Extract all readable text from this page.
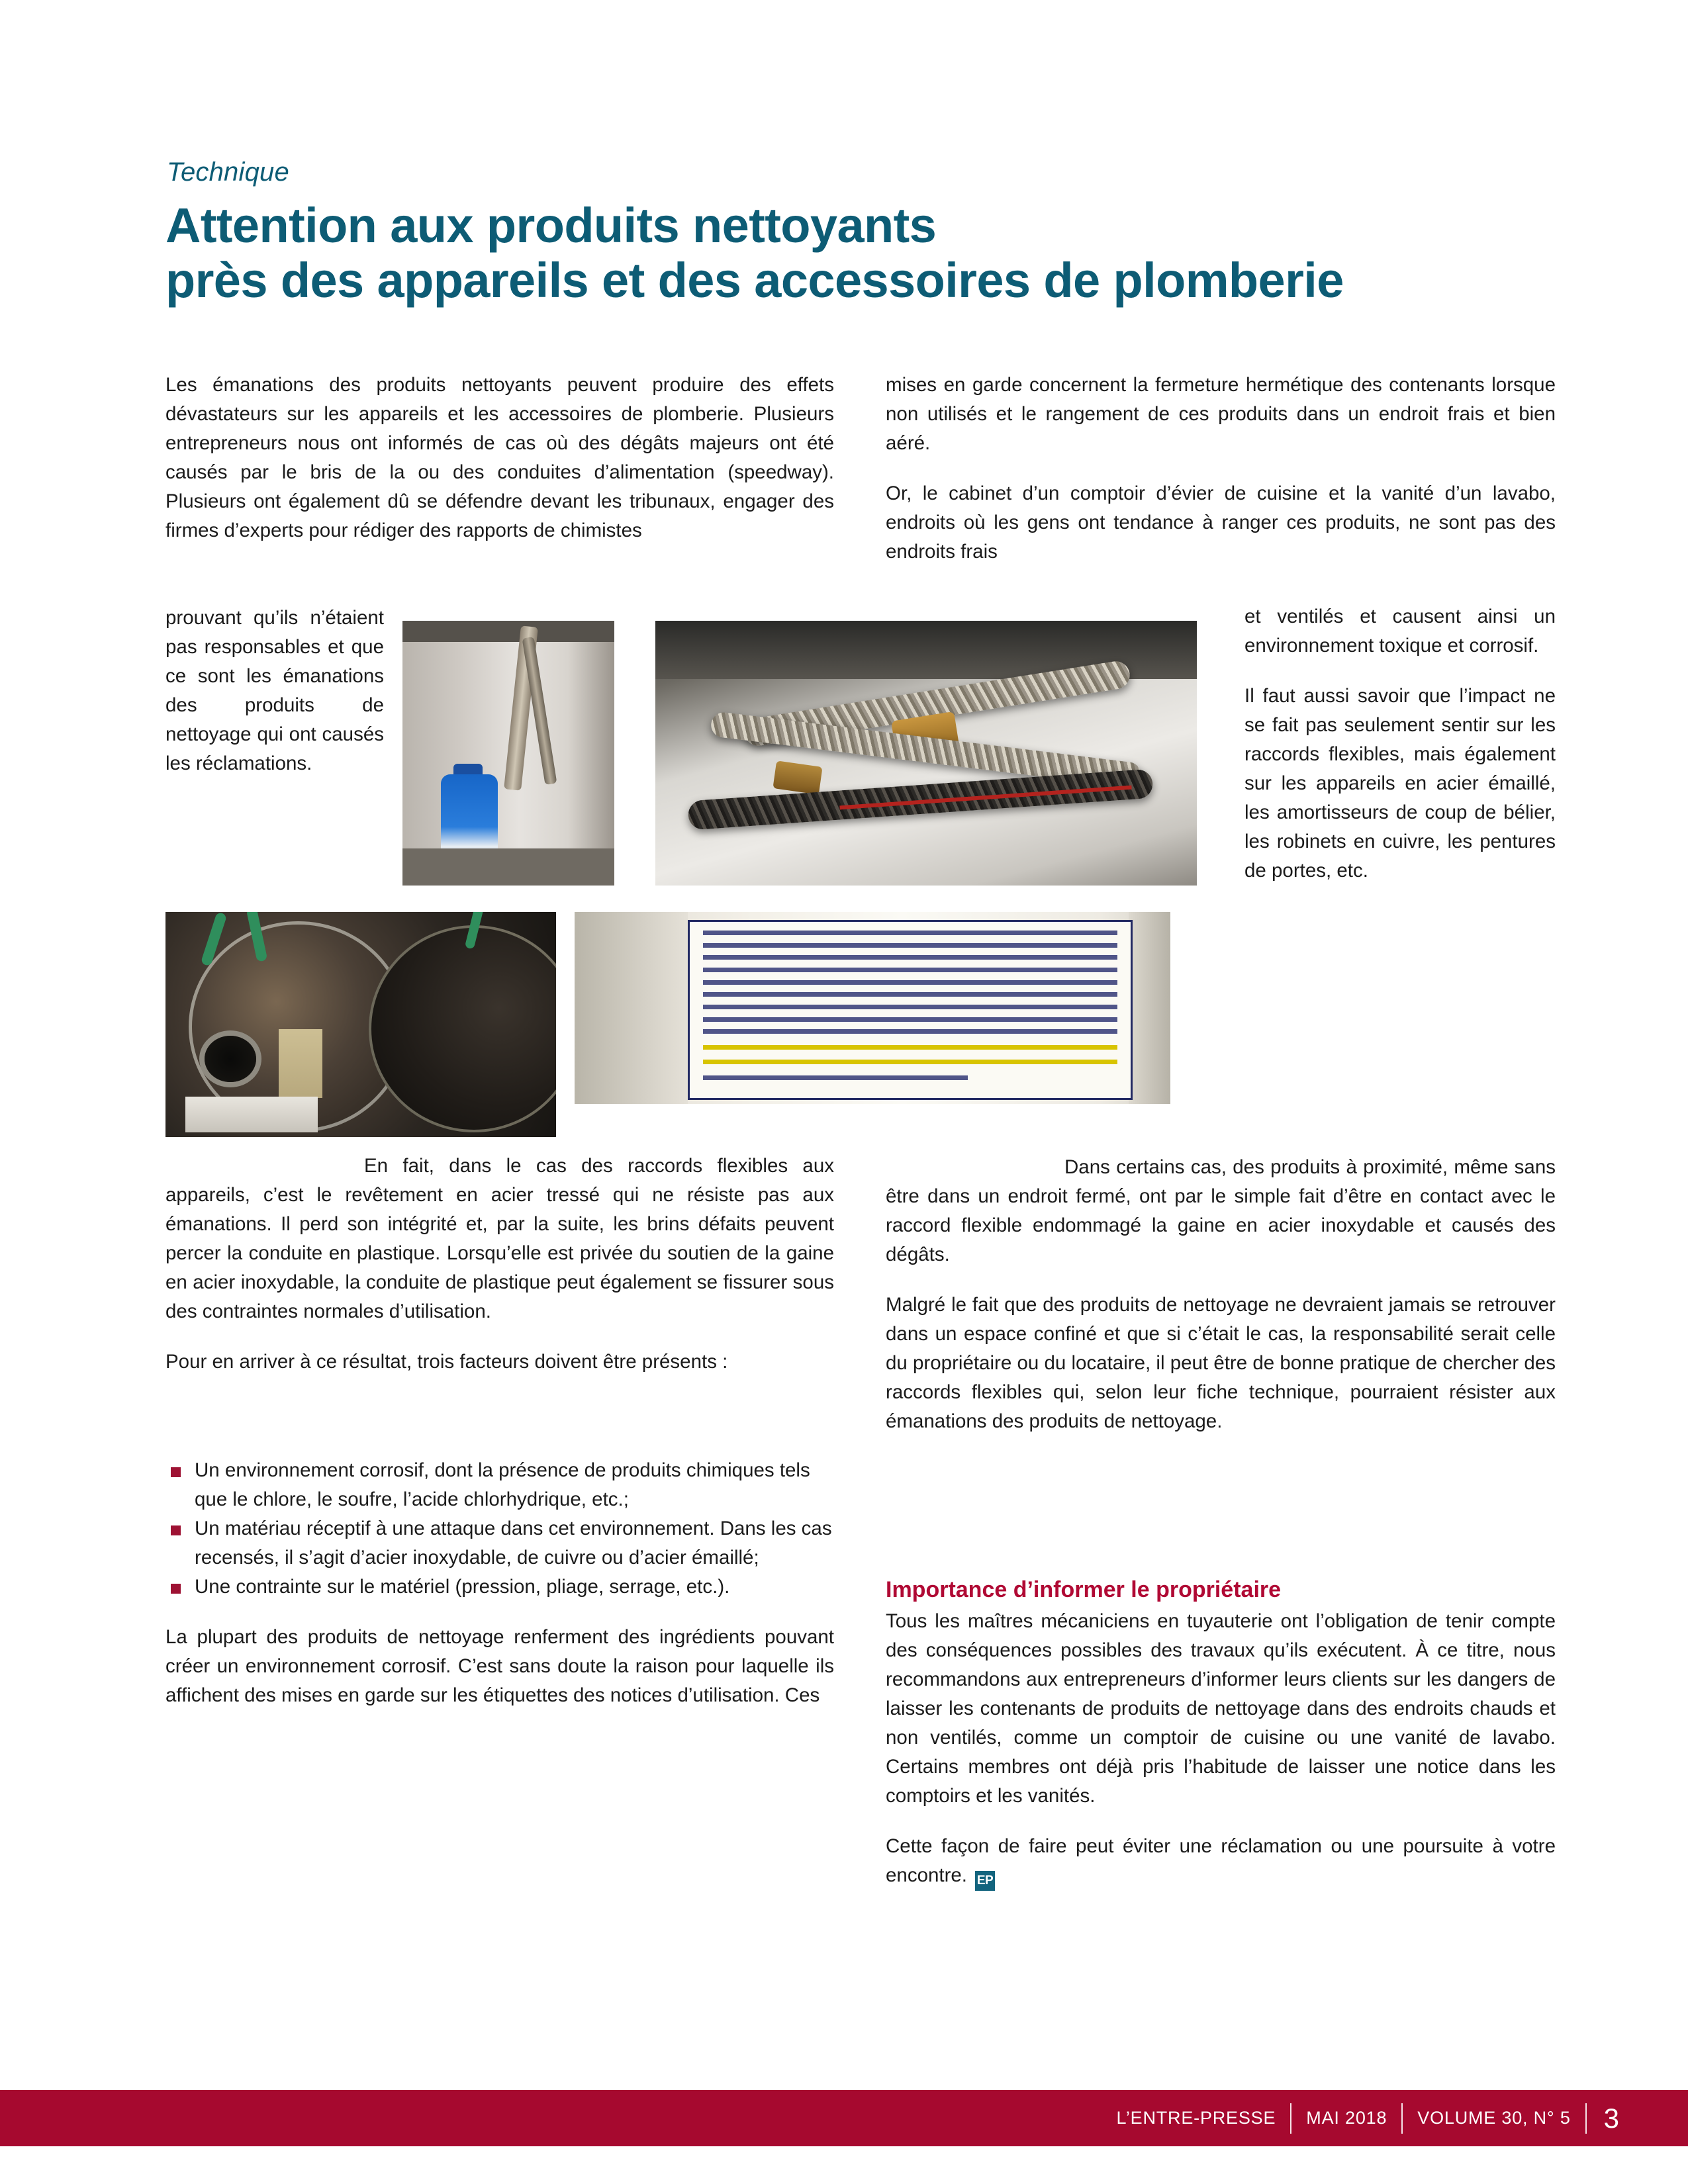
Technique
Attention aux produits nettoyants
près des appareils et des accessoires de plomberie

Les émanations des produits nettoyants peuvent produire des effets dévastateurs sur les appareils et les accessoires de plomberie. Plusieurs entrepreneurs nous ont informés de cas où des dégâts majeurs ont été causés par le bris de la ou des conduites d’alimentation (speedway). Plusieurs ont également dû se défendre devant les tribunaux, engager des firmes d’experts pour rédiger des rapports de chimistes

prouvant qu’ils n’étaient pas responsables et que ce sont les émanations des produits de nettoyage qui ont causés les réclamations.

En fait, dans le cas des raccords flexibles aux appareils, c’est le revêtement en acier tressé qui ne résiste pas aux émanations. Il perd son intégrité et, par la suite, les brins défaits peuvent percer la conduite en plastique. Lorsqu’elle est privée du soutien de la gaine en acier inoxydable, la conduite de plastique peut également se fissurer sous des contraintes normales d’utilisation.

Pour en arriver à ce résultat, trois facteurs doivent être présents :

Un environnement corrosif, dont la présence de produits chimiques tels que le chlore, le soufre, l’acide chlorhydrique, etc.;
Un matériau réceptif à une attaque dans cet environnement. Dans les cas recensés, il s’agit d’acier inoxydable, de cuivre ou d’acier émaillé;
Une contrainte sur le matériel (pression, pliage, serrage, etc.).

La plupart des produits de nettoyage renferment des ingrédients pouvant créer un environnement corrosif. C’est sans doute la raison pour laquelle ils affichent des mises en garde sur les étiquettes des notices d’utilisation. Ces

mises en garde concernent la fermeture hermétique des contenants lorsque non utilisés et le rangement de ces produits dans un endroit frais et bien aéré.

Or, le cabinet d’un comptoir d’évier de cuisine et la vanité d’un lavabo, endroits où les gens ont tendance à ranger ces produits, ne sont pas des endroits frais

et ventilés et causent ainsi un environnement toxique et corrosif.

Il faut aussi savoir que l’impact ne se fait pas seulement sentir sur les raccords flexibles, mais également sur les appareils en acier émaillé, les amortisseurs de coup de bélier, les robinets en cuivre, les pentures de portes, etc.

Dans certains cas, des produits à proximité, même sans être dans un endroit fermé, ont par le simple fait d’être en contact avec le raccord flexible endommagé la gaine en acier inoxydable et causés des dégâts.

Malgré le fait que des produits de nettoyage ne devraient jamais se retrouver dans un espace confiné et que si c’était le cas, la responsabilité serait celle du propriétaire ou du locataire, il peut être de bonne pratique de chercher des raccords flexibles qui, selon leur fiche technique, pourraient résister aux émanations des produits de nettoyage.

Importance d’informer le propriétaire

Tous les maîtres mécaniciens en tuyauterie ont l’obligation de tenir compte des conséquences possibles des travaux qu’ils exécutent. À ce titre, nous recommandons aux entrepreneurs d’informer leurs clients sur les dangers de laisser les contenants de produits de nettoyage dans des endroits chauds et non ventilés, comme un comptoir de cuisine ou une vanité de lavabo. Certains membres ont déjà pris l’habitude de laisser une notice dans les comptoirs et les vanités.

Cette façon de faire peut éviter une réclamation ou une poursuite à votre encontre. EP

L’ENTRE-PRESSE	MAI 2018	VOLUME 30, N° 5	3
